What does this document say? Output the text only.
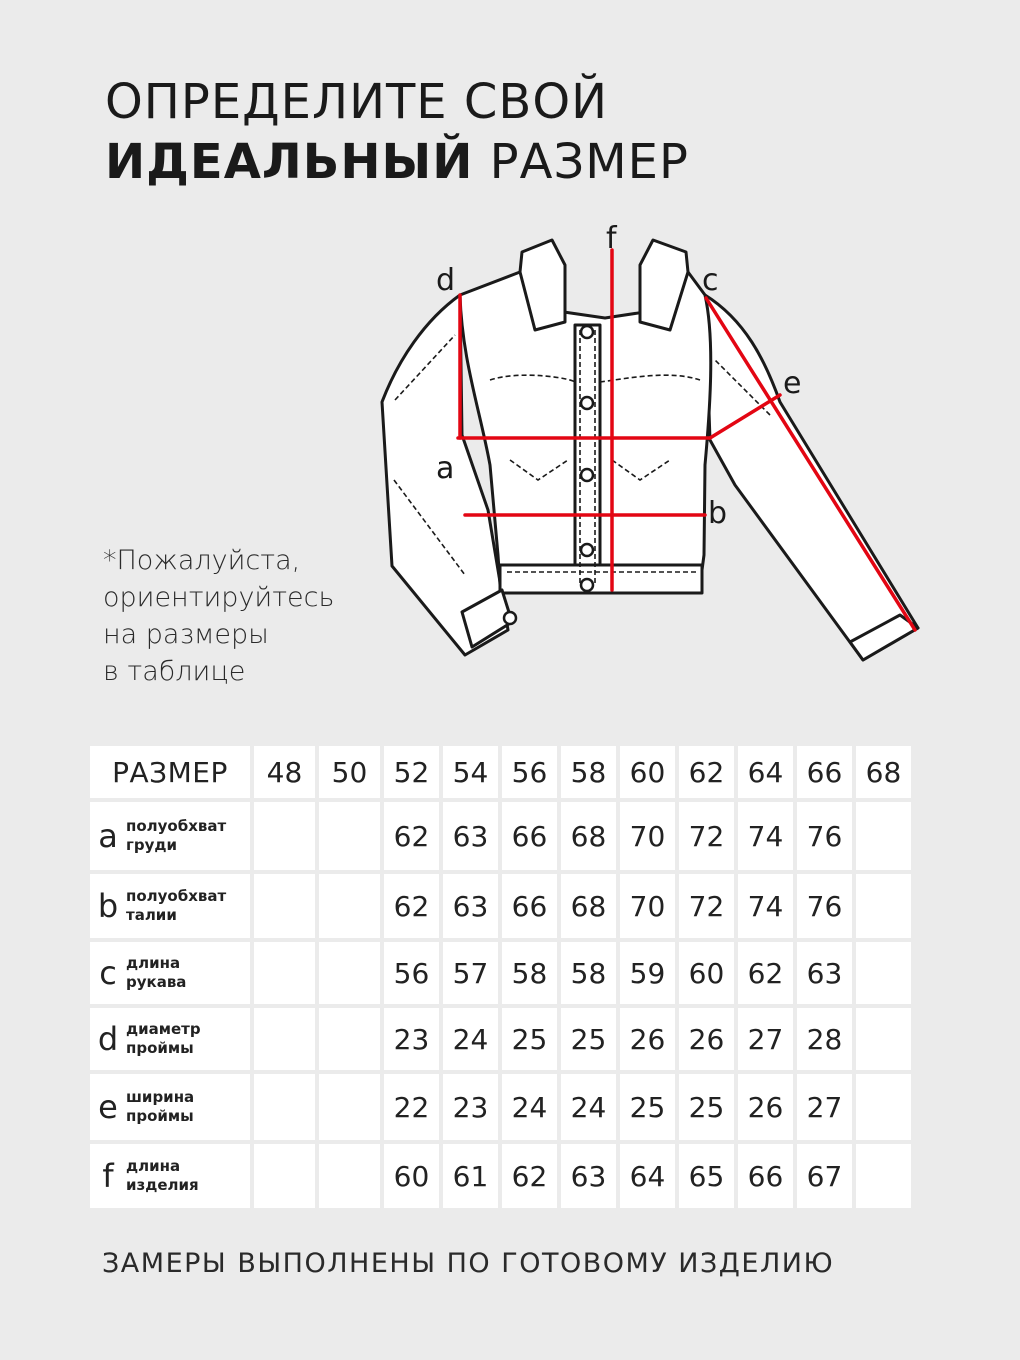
ОПРЕДЕЛИТЕ СВОЙ
ИДЕАЛЬНЫЙ РАЗМЕР
*Пожалуйста,
ориентируйтесь
на размеры
в таблице
d	c
f
e
a
b
РАЗМЕР	48	50	52	54	56	58	60	62	64	66	68

a полуобхват
груди			62	63	66	68	70	72	74	76	

b полуобхват
талии			62	63	66	68	70	72	74	76	

c длина
рукава			56	57	58	58	59	60	62	63	

d диаметр
проймы			23	24	25	25	26	26	27	28	

e ширина
проймы			22	23	24	24	25	25	26	27	

f длина
изделия			60	61	62	63	64	65	66	67	
ЗАМЕРЫ ВЫПОЛНЕНЫ ПО ГОТОВОМУ ИЗДЕЛИЮ
